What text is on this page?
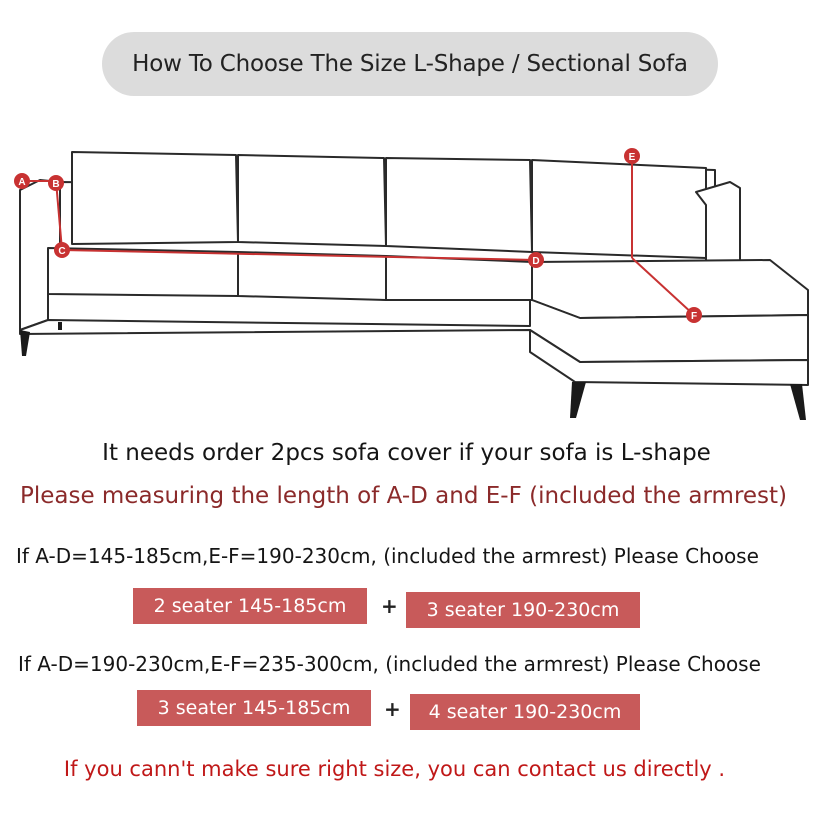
How To Choose The Size L-Shape / Sectional Sofa
A	B
C
D
E
F
It needs order 2pcs sofa cover if your sofa is L-shape
Please measuring the length of A-D and E-F (included the armrest)
If A-D=145-185cm,E-F=190-230cm, (included the armrest) Please Choose
2 seater 145-185cm	+	3 seater 190-230cm
If A-D=190-230cm,E-F=235-300cm, (included the armrest) Please Choose
3 seater 145-185cm	+	4 seater 190-230cm
If you cann't make sure right size, you can contact us directly .
